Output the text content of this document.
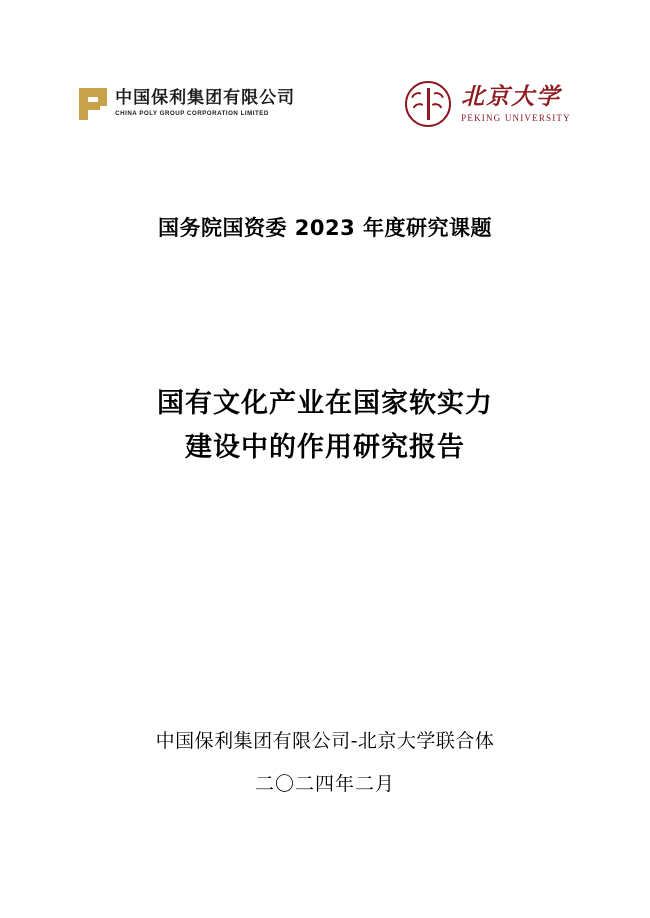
中国保利集团有限公司
CHINA POLY GROUP CORPORATION LIMITED
北京大学
PEKING UNIVERSITY
国务院国资委 2023 年度研究课题
国有文化产业在国家软实力
建设中的作用研究报告
中国保利集团有限公司-北京大学联合体
二〇二四年二月
